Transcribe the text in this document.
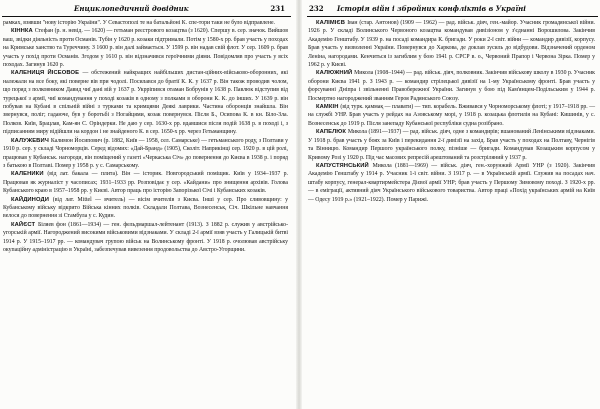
Енциклопедичний довідник	231

рамках, взявши "нову історію України". У Севастополі те на батальйоні К. спе-тори таки не було відправлене.

КІННКА Стефан (р. н. невід. — 1620) — гетьман реєстрового козацтва (з 1620). Спершу в. сер. значок. Вийшов ваш, звідки діяльність проти Османів. Тубін у 1620 р. козаки підтримали. Потім у 1580-х рр. брав участь у походах на Кримське ханство та Туреччину. З 1600 р. він далі займається. У 1599 р. він надав свій флот. У сер. 1609 р. брав участь у похід проти Османів. Згодом у 1610 р. він відзначився героїчними діями. Повідомляв про участь у всіх походах. Загинув 1620 р.

КАЛЕНИЦЯ ЙІСЕОВОЕ — обстежений найкращих найбільших дистан-ційних-військово-оборонних, які належали на все боку, які поверне вів при чодолі. Посилався до братії К. К. у 1637 р. Він також проводив чолом, що поряд з полковником Давид чиї дані вій у 1637 р. Укрріпився отаман Бобрунів у 1638 р. Павлюк відступив від турецької з армії, чиї командування у поході козаків в одному з полками в оборони К. К. до інших. У 1639 р. він побував на Кубані в спільній війні з турками та кримцями Деякі лаврики. Частина оборонців знайшла. Він звернувся, поліг; гадаюче, був у боротьбі з Ногайцями, козак повернувся. Після Б., Осипова К. в кн. Біло-Зла. Полков. Київ, Брацлав, Кам-ян С. Оріндерки. Не даю у сер. 1630-х рр. вдавшися після подій 1638 р. в поході і, з підписанням миру відійшли на кордон і не знайденого К. в сер. 1650-х рр. через Гетьманщину.

КАЛУЖЕВИЧ Калимон Йосипович (р. 1882, Київ — 1958, сел. Самарське) — гетьманського роду, з Полтави у 1910 р. сер. у складі Чорноморців. Серед відомих: «Дай-Бранд» (1905), Сколіт. Наприкінці сер. 1920 р. в цій ролі, працював у Кубанськ. нагороди, він поміщений у газеті «Черкаська Січ» до повернення до Києва в 1938 р. і поряд з батькою в Полтаві. Помер у 1958 р. у с. Самарському.

КАЛЕНИКИ (від лат. бакала — плита). Він — історик. Новгородський поміщик. Київ у 1934–1937 р. Працював як журналіст у часописах; 1931–1933 рр. Розповідає у сер. «Кайдани» про знищення архівів. Голова Кубанського краю в 1957–1958 рр. у Києві. Автор праць про історію Запорізької Січі і Кубанських козаків.

КАЙДИНОДИ (від лат. Mittel — вчитель) — вісім вчителів з Києва. Інші у сер. Про сливовщину: у Кубанському війську відкрито Війська кінних полків. Складали Полтава, Вознесенськ, Січ. Шкільне навчання велося до повернення зі Стамбула у с. Кудин.

КАЙЄСТ Біляев фон (1861—1934) — ген. фельдмаршал-лейтенант (1913). З 1882 р. служив у австрійсько-угорській армії. Нагороджений високими військовими відзнаками. У складі 2-ї армії взяв участь у Галицькій битві 1914 р. У 1915–1917 рр. — командувач групою військ на Волинському фронті. У 1918 р. очолював австрійську окупаційну адміністрацію в Україні, забезпечував вивезення продовольства до Австро-Угорщини.

232 Історія війн і збройних конфліктів в Україні

КАЛІМІЄВ Іван (стар. Антонов) (1909 — 1962) — рад. військ. діяч, ген.-майор. Учасник громадянської війни. 1926 р. У складі Волинського Червоного козацтва командував дивізіоном у з'єднанні Ворошилова. Закінчив Академію Генштабу. У 1939 р. на посаді командира К. бригади. У роки 2-ї світ. війни — командир дивізії, корпусу. Брав участь у визволенні України. Повернувся до Харкова, де доклав зусиль до відбудови. Відзначений орденом Леніна, нагородами. Кенчиться із загиблим у бою 1941 р. СРСР в. о., Червоний Прапор і Червона Зірка. Помер у 1962 р. у Києві.

КАЛЮЖНИЙ Микола (1908–1944) — рад. військ. діяч, полковник. Закінчив військову школу в 1930 р. Учасник оборони Києва 1941 р. З 1943 р. — командир стрілецької дивізії на 1-му Українському фронті. Брав участь у форсуванні Дніпра і звільненні Правобережної України. Загинув у бою під Кам'янцем-Подільським у 1944 р. Посмертно нагороджений званням Героя Радянського Союзу.

КАМКІН (від турк. қаммақ — плавати) — тип. корабель. Вживався у Чорноморському флоті; у 1917–1918 рр. — на службі УНР. Брав участь у рейдах на Азовському морі, у 1918 р. козацька флотилія на Кубані: Кишинів, у с. Вознесенськ до 1919 р. Після занепаду Кубанської республіки судна розібрано.

КАПЕЛЮК Микола (1891—1937) — рад. військ. діяч, одне з командирів; вшанований Ленінськими відзнаками. У 1918 р. брав участь у боях за Київ і перекидання 2-ї дивізії на захід. Брав участь у походах на Полтаву, Чернігів та Вінницю. Командир Першого українського полку, пізніше — бригади. Командував Козацьким корпусом у Кривому Розі у 1920 р. Під час масових репресій арештований та розстріляний у 1937 р.

КАПУСТЯНСЬКИЙ Микола (1881—1969) — військ. діяч, ген.-хорунжий Армії УНР (з 1920). Закінчив Академію Генштабу у 1914 р. Учасник 1-ї світ. війни. З 1917 р. — в Українській армії. Служив на посадах нач. штабу корпусу, генерал-квартирмейстера Дієвої армії УНР; брав участь у Першому Зимовому поході. З 1920-х рр. — в еміграції, активний діяч Українського військового товариства. Автор праці «Похід українських армій на Київ — Одесу 1919 р.» (1921–1922). Помер у Парижі.
